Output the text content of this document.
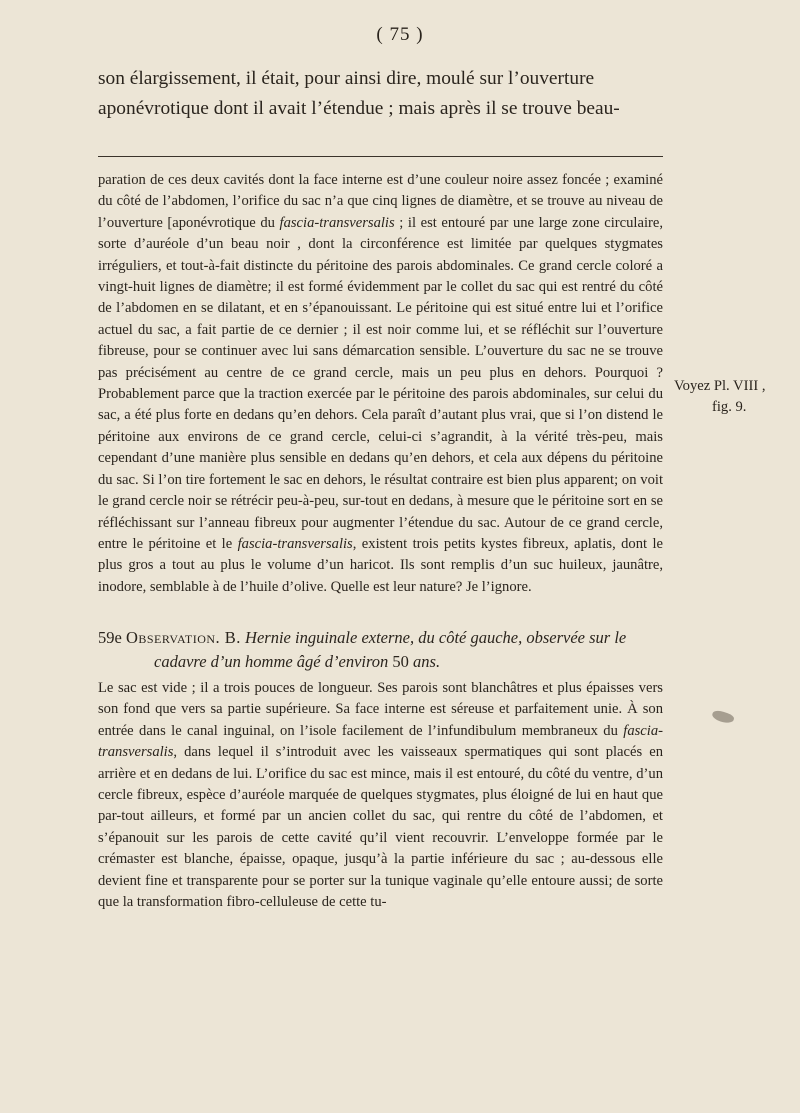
( 75 )

son élargissement, il était, pour ainsi dire, moulé sur l’ouverture

aponévrotique dont il avait l’étendue ; mais après il se trouve beau-

paration de ces deux cavités dont la face interne est d’une couleur noire assez foncée ; examiné du côté de l’abdomen, l’orifice du sac n’a que cinq lignes de diamètre, et se trouve au niveau de l’ouverture [aponévrotique du fascia-transversalis ; il est entouré par une large zone circulaire, sorte d’auréole d’un beau noir , dont la circonférence est limitée par quelques stygmates irréguliers, et tout-à-fait distincte du péritoine des parois abdominales. Ce grand cercle coloré a vingt-huit lignes de diamètre; il est formé évidemment par le collet du sac qui est rentré du côté de l’abdomen en se dilatant, et en s’épanouissant. Le péritoine qui est situé entre lui et l’orifice actuel du sac, a fait partie de ce dernier ; il est noir comme lui, et se réfléchit sur l’ouverture fibreuse, pour se continuer avec lui sans démarcation sensible. L’ouverture du sac ne se trouve pas précisément au centre de ce grand cercle, mais un peu plus en dehors. Pourquoi ? Probablement parce que la traction exercée par le péritoine des parois abdominales, sur celui du sac, a été plus forte en dedans qu’en dehors. Cela paraît d’autant plus vrai, que si l’on distend le péritoine aux environs de ce grand cercle, celui-ci s’agrandit, à la vérité très-peu, mais cependant d’une manière plus sensible en dedans qu’en dehors, et cela aux dépens du péritoine du sac. Si l’on tire fortement le sac en dehors, le résultat contraire est bien plus apparent; on voit le grand cercle noir se rétrécir peu-à-peu, sur-tout en dedans, à mesure que le péritoine sort en se réfléchissant sur l’anneau fibreux pour augmenter l’étendue du sac. Autour de ce grand cercle, entre le péritoine et le fascia-transversalis, existent trois petits kystes fibreux, aplatis, dont le plus gros a tout au plus le volume d’un haricot. Ils sont remplis d’un suc huileux, jaunâtre, inodore, semblable à de l’huile d’olive. Quelle est leur nature? Je l’ignore.

Voyez Pl. VIII ,
fig. 9.
59e Observation. B. Hernie inguinale externe, du côté gauche, observée sur le
cadavre d’un homme âgé d’environ 50 ans.

Le sac est vide ; il a trois pouces de longueur. Ses parois sont blanchâtres et plus épaisses vers son fond que vers sa partie supérieure. Sa face interne est séreuse et parfaitement unie. À son entrée dans le canal inguinal, on l’isole facilement de l’infundibulum membraneux du fascia-transversalis, dans lequel il s’introduit avec les vaisseaux spermatiques qui sont placés en arrière et en dedans de lui. L’orifice du sac est mince, mais il est entouré, du côté du ventre, d’un cercle fibreux, espèce d’auréole marquée de quelques stygmates, plus éloigné de lui en haut que par-tout ailleurs, et formé par un ancien collet du sac, qui rentre du côté de l’abdomen, et s’épanouit sur les parois de cette cavité qu’il vient recouvrir. L’enveloppe formée par le crémaster est blanche, épaisse, opaque, jusqu’à la partie inférieure du sac ; au-dessous elle devient fine et transparente pour se porter sur la tunique vaginale qu’elle entoure aussi; de sorte que la transformation fibro-celluleuse de cette tu-
